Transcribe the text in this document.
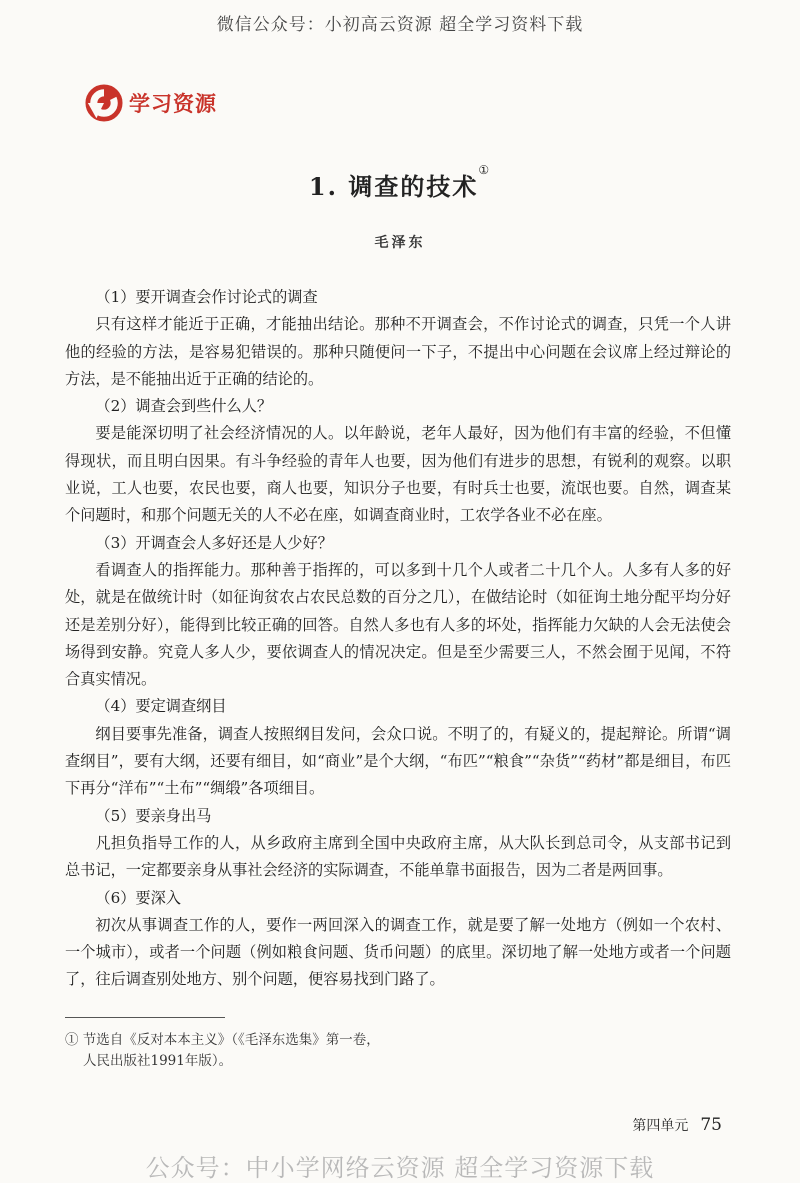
微信公众号：小初高云资源 超全学习资料下载
学习资源
1. 调查的技术①
毛泽东
（1）要开调查会作讨论式的调查

只有这样才能近于正确，才能抽出结论。那种不开调查会，不作讨论式的调查，只凭一个人讲他的经验的方法，是容易犯错误的。那种只随便问一下子，不提出中心问题在会议席上经过辩论的方法，是不能抽出近于正确的结论的。

（2）调查会到些什么人？

要是能深切明了社会经济情况的人。以年龄说，老年人最好，因为他们有丰富的经验，不但懂得现状，而且明白因果。有斗争经验的青年人也要，因为他们有进步的思想，有锐利的观察。以职业说，工人也要，农民也要，商人也要，知识分子也要，有时兵士也要，流氓也要。自然，调查某个问题时，和那个问题无关的人不必在座，如调查商业时，工农学各业不必在座。

（3）开调查会人多好还是人少好？

看调查人的指挥能力。那种善于指挥的，可以多到十几个人或者二十几个人。人多有人多的好处，就是在做统计时（如征询贫农占农民总数的百分之几），在做结论时（如征询土地分配平均分好还是差别分好），能得到比较正确的回答。自然人多也有人多的坏处，指挥能力欠缺的人会无法使会场得到安静。究竟人多人少，要依调查人的情况决定。但是至少需要三人，不然会囿于见闻，不符合真实情况。

（4）要定调查纲目

纲目要事先准备，调查人按照纲目发问，会众口说。不明了的，有疑义的，提起辩论。所谓“调查纲目”，要有大纲，还要有细目，如“商业”是个大纲，“布匹”“粮食”“杂货”“药材”都是细目，布匹下再分“洋布”“土布”“绸缎”各项细目。

（5）要亲身出马

凡担负指导工作的人，从乡政府主席到全国中央政府主席，从大队长到总司令，从支部书记到总书记，一定都要亲身从事社会经济的实际调查，不能单靠书面报告，因为二者是两回事。

（6）要深入

初次从事调查工作的人，要作一两回深入的调查工作，就是要了解一处地方（例如一个农村、一个城市），或者一个问题（例如粮食问题、货币问题）的底里。深切地了解一处地方或者一个问题了，往后调查别处地方、别个问题，便容易找到门路了。

① 节选自《反对本本主义》（《毛泽东选集》第一卷，
人民出版社1991年版）。
第四单元 75
公众号：中小学网络云资源 超全学习资源下载
